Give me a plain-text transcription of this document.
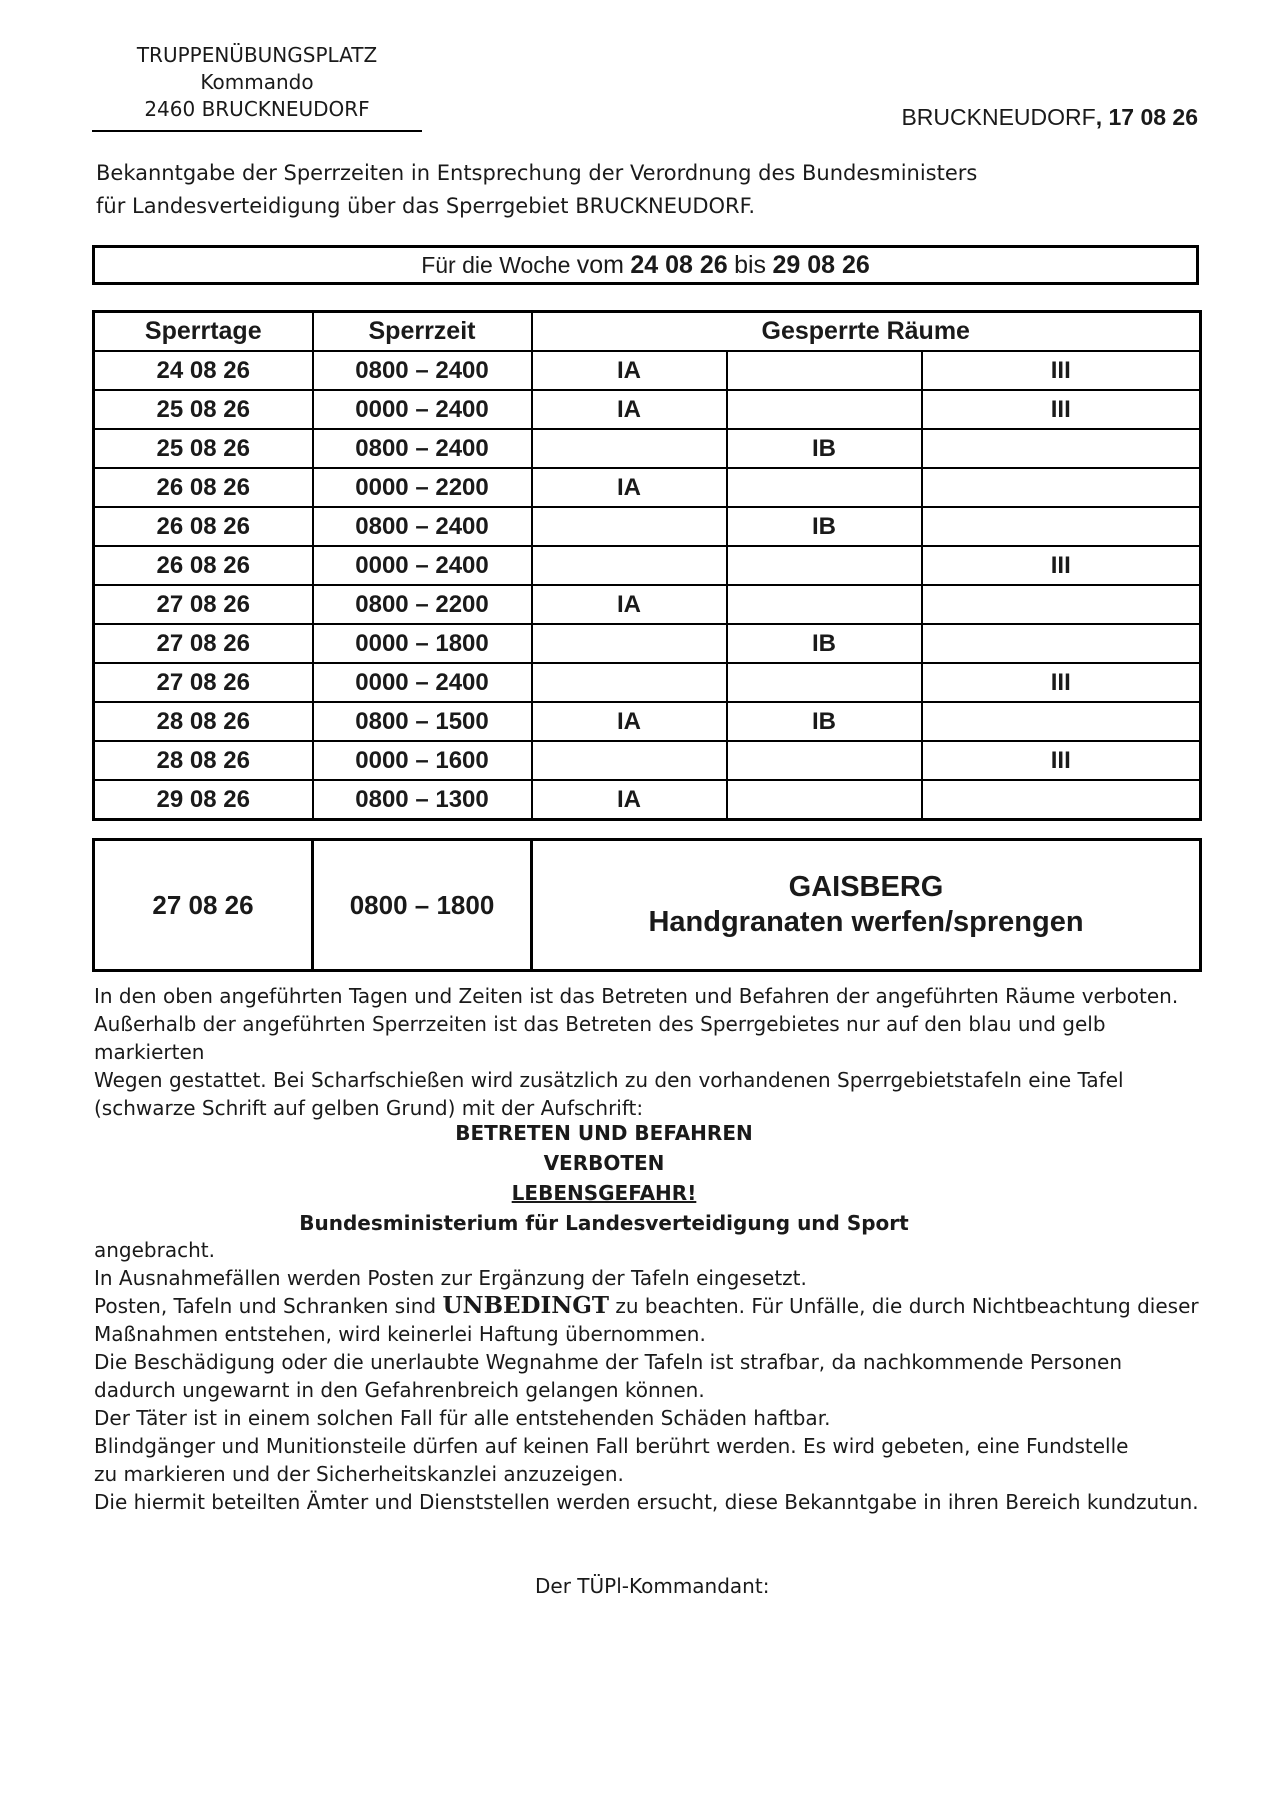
TRUPPENÜBUNGSPLATZ
Kommando
2460 BRUCKNEUDORF	BRUCKNEUDORF, 17 08 26
Bekanntgabe der Sperrzeiten in Entsprechung der Verordnung des Bundesministers
für Landesverteidigung über das Sperrgebiet BRUCKNEUDORF.
Für die Woche vom 24 08 26 bis 29 08 26
Sperrtage	Sperrzeit	Gesperrte Räume		
24 08 26	0800 – 2400	IA		III
25 08 26	0000 – 2400	IA		III
25 08 26	0800 – 2400		IB	
26 08 26	0000 – 2200	IA		
26 08 26	0800 – 2400		IB	
26 08 26	0000 – 2400			III
27 08 26	0800 – 2200	IA		
27 08 26	0000 – 1800		IB	
27 08 26	0000 – 2400			III
28 08 26	0800 – 1500	IA	IB	
28 08 26	0000 – 1600			III
29 08 26	0800 – 1300	IA		
27 08 26	0800 – 1800	
GAISBERG
Handgranaten werfen/sprengen
In den oben angeführten Tagen und Zeiten ist das Betreten und Befahren der angeführten Räume verboten.
Außerhalb der angeführten Sperrzeiten ist das Betreten des Sperrgebietes nur auf den blau und gelb markierten
Wegen gestattet. Bei Scharfschießen wird zusätzlich zu den vorhandenen Sperrgebietstafeln eine Tafel
(schwarze Schrift auf gelben Grund) mit der Aufschrift:
BETRETEN UND BEFAHREN
VERBOTEN
LEBENSGEFAHR!
Bundesministerium für Landesverteidigung und Sport
angebracht.
In Ausnahmefällen werden Posten zur Ergänzung der Tafeln eingesetzt.
Posten, Tafeln und Schranken sind UNBEDINGT zu beachten. Für Unfälle, die durch Nichtbeachtung dieser
Maßnahmen entstehen, wird keinerlei Haftung übernommen.
Die Beschädigung oder die unerlaubte Wegnahme der Tafeln ist strafbar, da nachkommende Personen
dadurch ungewarnt in den Gefahrenbreich gelangen können.
Der Täter ist in einem solchen Fall für alle entstehenden Schäden haftbar.
Blindgänger und Munitionsteile dürfen auf keinen Fall berührt werden. Es wird gebeten, eine Fundstelle
zu markieren und der Sicherheitskanzlei anzuzeigen.
Die hiermit beteilten Ämter und Dienststellen werden ersucht, diese Bekanntgabe in ihren Bereich kundzutun.
Der TÜPl-Kommandant:
